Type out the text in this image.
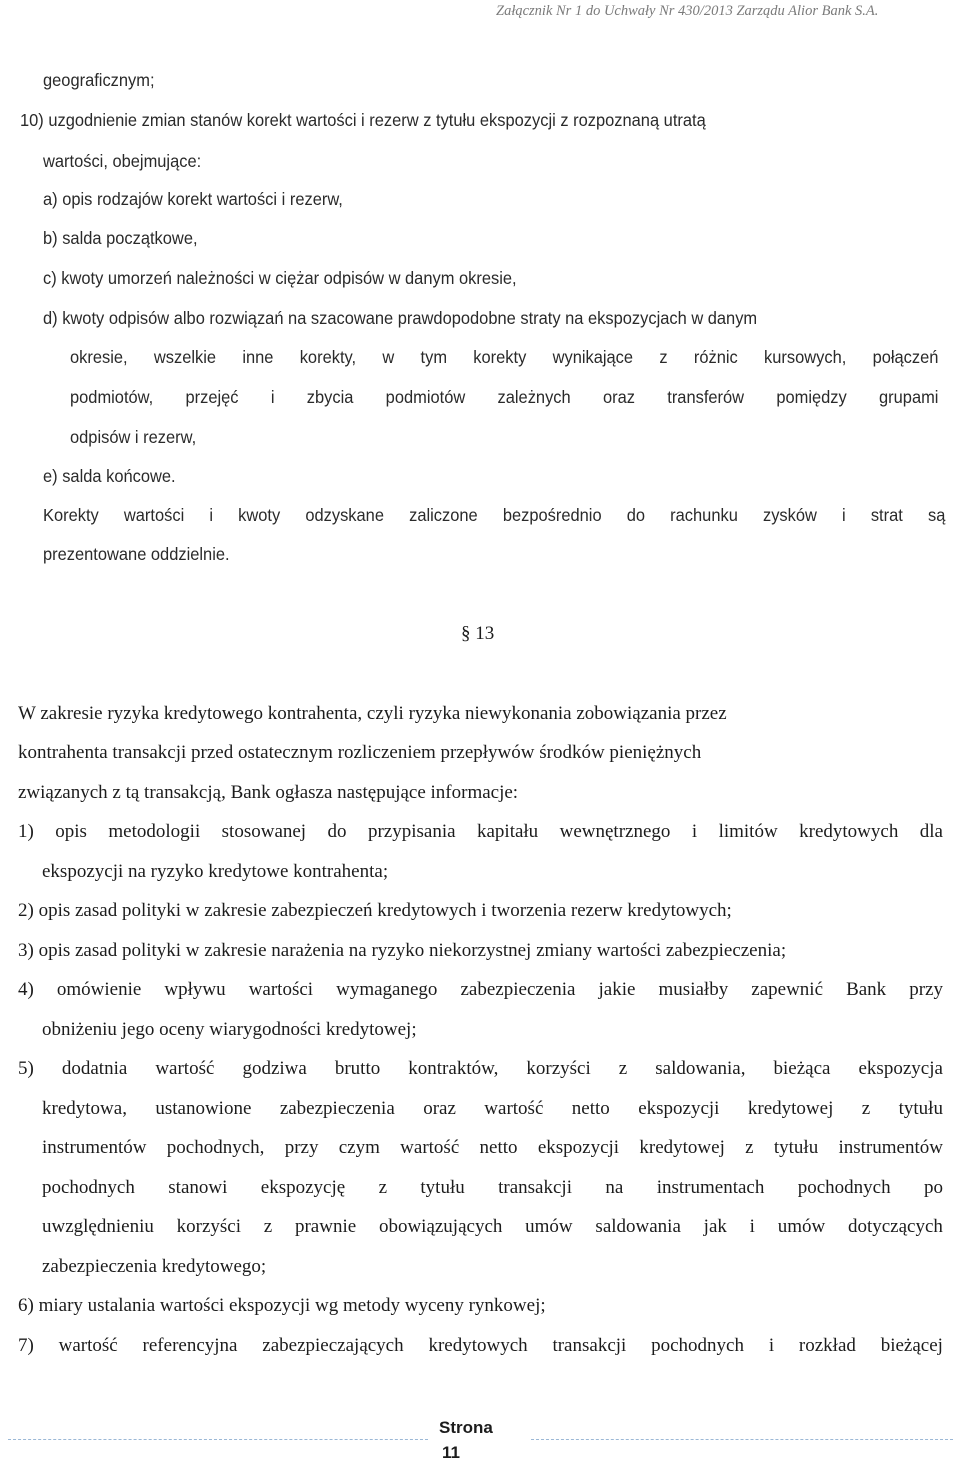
Załącznik Nr 1 do Uchwały Nr 430/2013 Zarządu Alior Bank S.A.
geograficznym;
10) uzgodnienie zmian stanów korekt wartości i rezerw z tytułu ekspozycji z rozpoznaną utratą
wartości, obejmujące:
a) opis rodzajów korekt wartości i rezerw,
b) salda początkowe,
c) kwoty umorzeń należności w ciężar odpisów w danym okresie,
d) kwoty odpisów albo rozwiązań na szacowane prawdopodobne straty na ekspozycjach w danym
okresie, wszelkie inne korekty, w tym korekty wynikające z różnic kursowych, połączeń
podmiotów, przejęć i zbycia podmiotów zależnych oraz transferów pomiędzy grupami
odpisów i rezerw,
e) salda końcowe.
Korekty wartości i kwoty odzyskane zaliczone bezpośrednio do rachunku zysków i strat są
prezentowane oddzielnie.
§ 13
W zakresie ryzyka kredytowego kontrahenta, czyli ryzyka niewykonania zobowiązania przez
kontrahenta transakcji przed ostatecznym rozliczeniem przepływów środków pieniężnych
związanych z tą transakcją, Bank ogłasza następujące informacje:
1) opis metodologii stosowanej do przypisania kapitału wewnętrznego i limitów kredytowych dla
ekspozycji na ryzyko kredytowe kontrahenta;
2) opis zasad polityki w zakresie zabezpieczeń kredytowych i tworzenia rezerw kredytowych;
3) opis zasad polityki w zakresie narażenia na ryzyko niekorzystnej zmiany wartości zabezpieczenia;
4) omówienie wpływu wartości wymaganego zabezpieczenia jakie musiałby zapewnić Bank przy
obniżeniu jego oceny wiarygodności kredytowej;
5) dodatnia wartość godziwa brutto kontraktów, korzyści z saldowania, bieżąca ekspozycja
kredytowa, ustanowione zabezpieczenia oraz wartość netto ekspozycji kredytowej z tytułu
instrumentów pochodnych, przy czym wartość netto ekspozycji kredytowej z tytułu instrumentów
pochodnych stanowi ekspozycję z tytułu transakcji na instrumentach pochodnych po
uwzględnieniu korzyści z prawnie obowiązujących umów saldowania jak i umów dotyczących
zabezpieczenia kredytowego;
6) miary ustalania wartości ekspozycji wg metody wyceny rynkowej;
7) wartość referencyjna zabezpieczających kredytowych transakcji pochodnych i rozkład bieżącej
Strona
11
